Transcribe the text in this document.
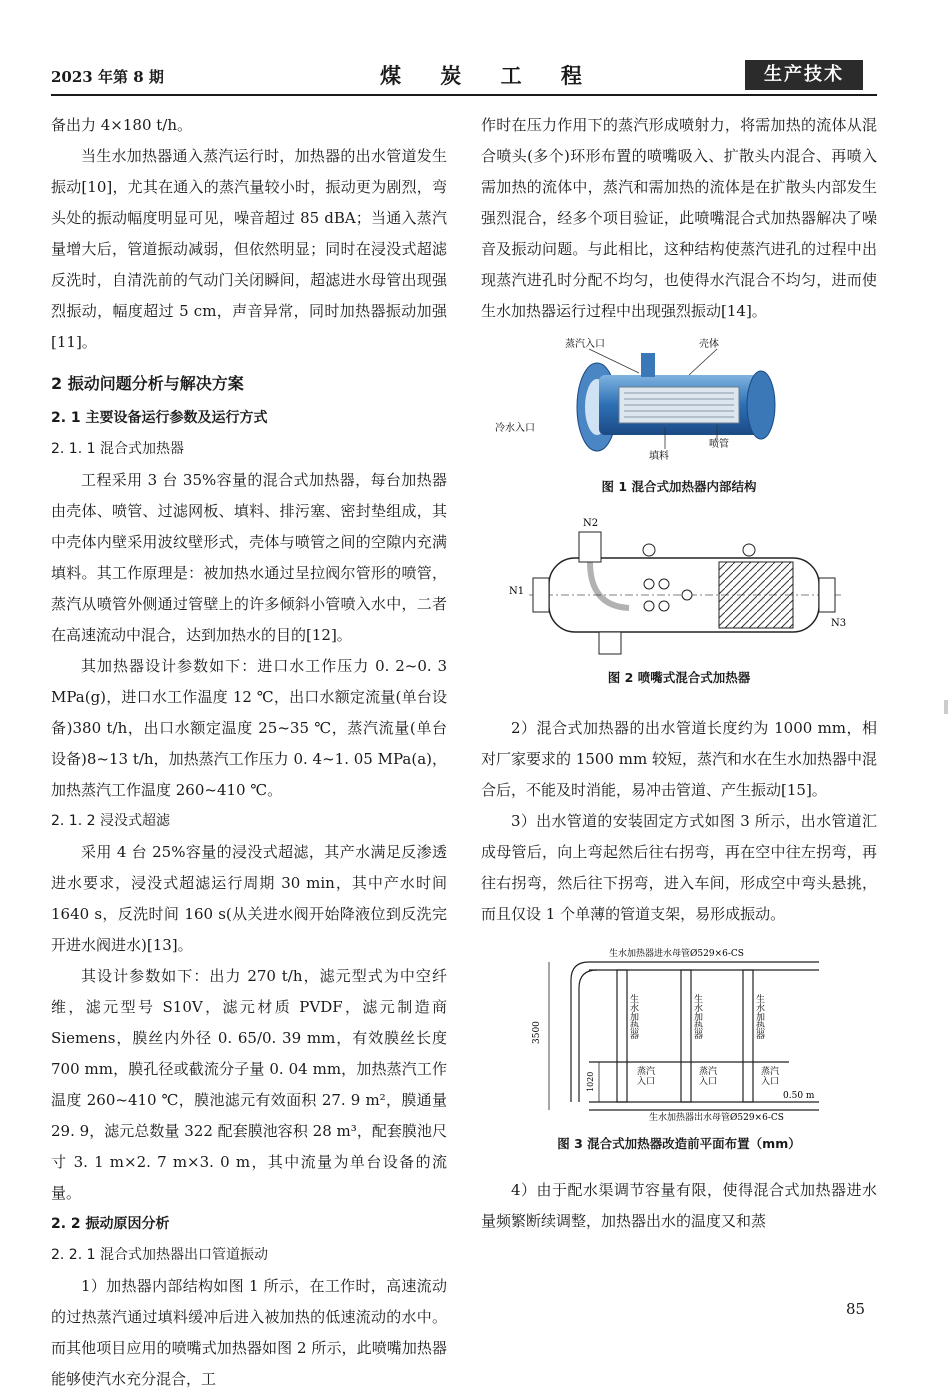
2023 年第 8 期	煤 炭 工 程	生产技术

备出力 4×180 t/h。

当生水加热器通入蒸汽运行时，加热器的出水管道发生振动[10]，尤其在通入的蒸汽量较小时，振动更为剧烈，弯头处的振动幅度明显可见，噪音超过 85 dBA；当通入蒸汽量增大后，管道振动减弱，但依然明显；同时在浸没式超滤反洗时，自清洗前的气动门关闭瞬间，超滤进水母管出现强烈振动，幅度超过 5 cm，声音异常，同时加热器振动加强[11]。

2 振动问题分析与解决方案

2. 1 主要设备运行参数及运行方式

2. 1. 1 混合式加热器

工程采用 3 台 35%容量的混合式加热器，每台加热器由壳体、喷管、过滤网板、填料、排污塞、密封垫组成，其中壳体内壁采用波纹壁形式，壳体与喷管之间的空隙内充满填料。其工作原理是：被加热水通过呈拉阀尔管形的喷管，蒸汽从喷管外侧通过管壁上的许多倾斜小管喷入水中，二者在高速流动中混合，达到加热水的目的[12]。

其加热器设计参数如下：进口水工作压力 0. 2~0. 3 MPa(g)，进口水工作温度 12 ℃，出口水额定流量(单台设备)380 t/h，出口水额定温度 25~35 ℃，蒸汽流量(单台设备)8~13 t/h，加热蒸汽工作压力 0. 4~1. 05 MPa(a)，加热蒸汽工作温度 260~410 ℃。

2. 1. 2 浸没式超滤

采用 4 台 25%容量的浸没式超滤，其产水满足反渗透进水要求，浸没式超滤运行周期 30 min，其中产水时间 1640 s，反洗时间 160 s(从关进水阀开始降液位到反洗完开进水阀进水)[13]。

其设计参数如下：出力 270 t/h，滤元型式为中空纤维，滤元型号 S10V，滤元材质 PVDF，滤元制造商 Siemens，膜丝内外径 0. 65/0. 39 mm，有效膜丝长度 700 mm，膜孔径或截流分子量 0. 04 mm，加热蒸汽工作温度 260~410 ℃，膜池滤元有效面积 27. 9 m²，膜通量 29. 9，滤元总数量 322 配套膜池容积 28 m³，配套膜池尺寸 3. 1 m×2. 7 m×3. 0 m，其中流量为单台设备的流量。

2. 2 振动原因分析

2. 2. 1 混合式加热器出口管道振动

1）加热器内部结构如图 1 所示，在工作时，高速流动的过热蒸汽通过填料缓冲后进入被加热的低速流动的水中。而其他项目应用的喷嘴式加热器如图 2 所示，此喷嘴加热器能够使汽水充分混合，工

作时在压力作用下的蒸汽形成喷射力，将需加热的流体从混合喷头(多个)环形布置的喷嘴吸入、扩散头内混合、再喷入需加热的流体中，蒸汽和需加热的流体是在扩散头内部发生强烈混合，经多个项目验证，此喷嘴混合式加热器解决了噪音及振动问题。与此相比，这种结构使蒸汽进孔的过程中出现蒸汽进孔时分配不均匀，也使得水汽混合不均匀，进而使生水加热器运行过程中出现强烈振动[14]。

蒸汽入口	壳体
冷水入口
填料
喷管

图 1 混合式加热器内部结构

N1
N2
N3

图 2 喷嘴式混合式加热器

2）混合式加热器的出水管道长度约为 1000 mm，相对厂家要求的 1500 mm 较短，蒸汽和水在生水加热器中混合后，不能及时消能，易冲击管道、产生振动[15]。

3）出水管道的安装固定方式如图 3 所示，出水管道汇成母管后，向上弯起然后往右拐弯，再在空中往左拐弯，再往右拐弯，然后往下拐弯，进入车间，形成空中弯头悬挑，而且仅设 1 个单薄的管道支架，易形成振动。

生水加热器进水母管Ø529×6-CS
生水加热器出水母管Ø529×6-CS
3500
1020
0.50 m
生水加热器	生水加热器	生水加热器
蒸汽
入口
蒸汽
入口
蒸汽
入口

图 3 混合式加热器改造前平面布置（mm）

4）由于配水渠调节容量有限，使得混合式加热器进水量频繁断续调整，加热器出水的温度又和蒸

85
